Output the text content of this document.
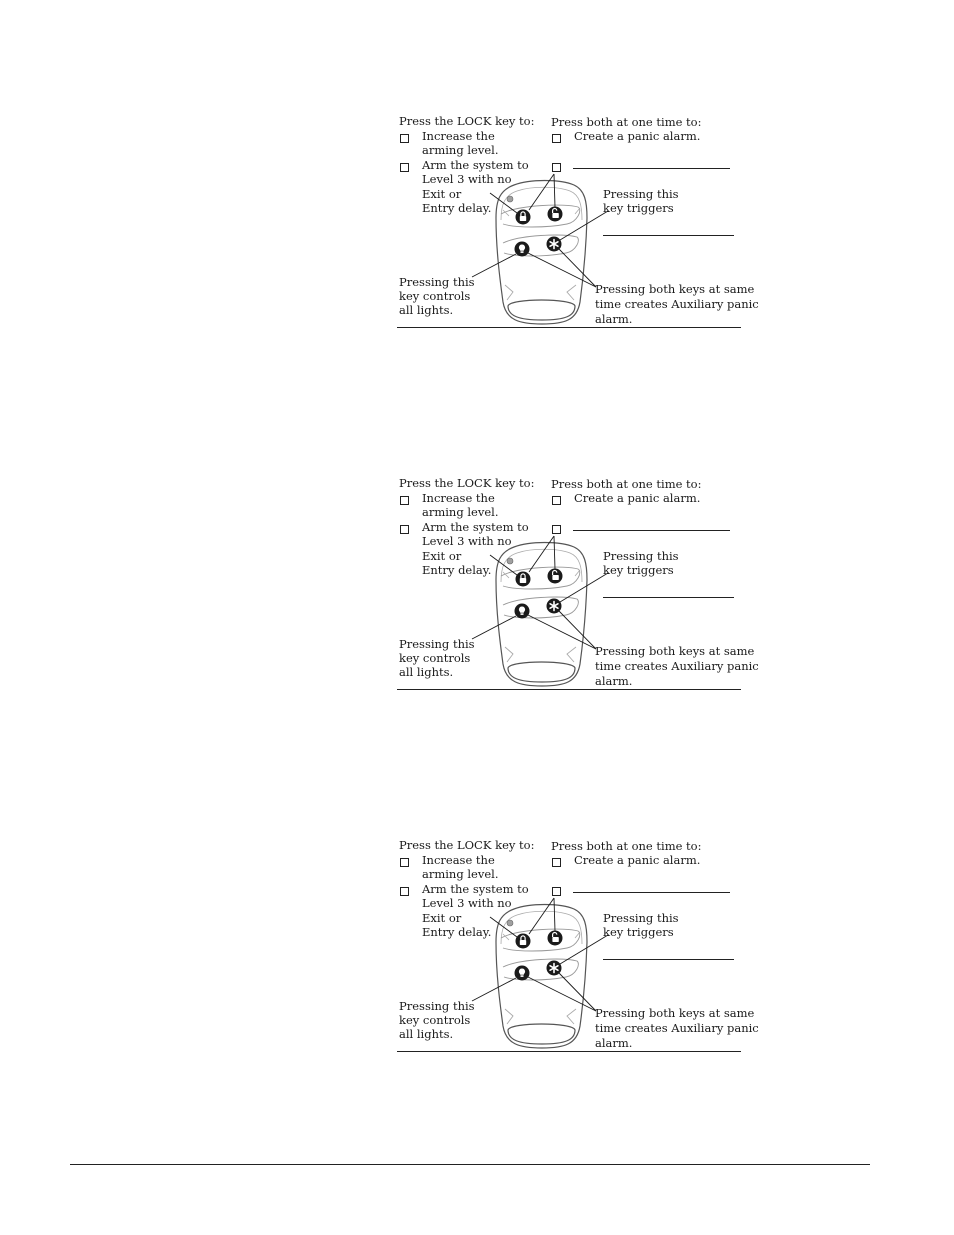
Press the LOCK key to:
Increase the
arming level.
Arm the system to
Level 3 with no
Exit or
Entry delay.
Pressing this
key controls
all lights.
Press both at one time to:
Create a panic alarm.
Pressing this
key triggers
Pressing both keys at same
time creates Auxiliary panic
alarm.
Press the LOCK key to:
Increase the
arming level.
Arm the system to
Level 3 with no
Exit or
Entry delay.
Pressing this
key controls
all lights.
Press both at one time to:
Create a panic alarm.
Pressing this
key triggers
Pressing both keys at same
time creates Auxiliary panic
alarm.
Press the LOCK key to:
Increase the
arming level.
Arm the system to
Level 3 with no
Exit or
Entry delay.
Pressing this
key controls
all lights.
Press both at one time to:
Create a panic alarm.
Pressing this
key triggers
Pressing both keys at same
time creates Auxiliary panic
alarm.
